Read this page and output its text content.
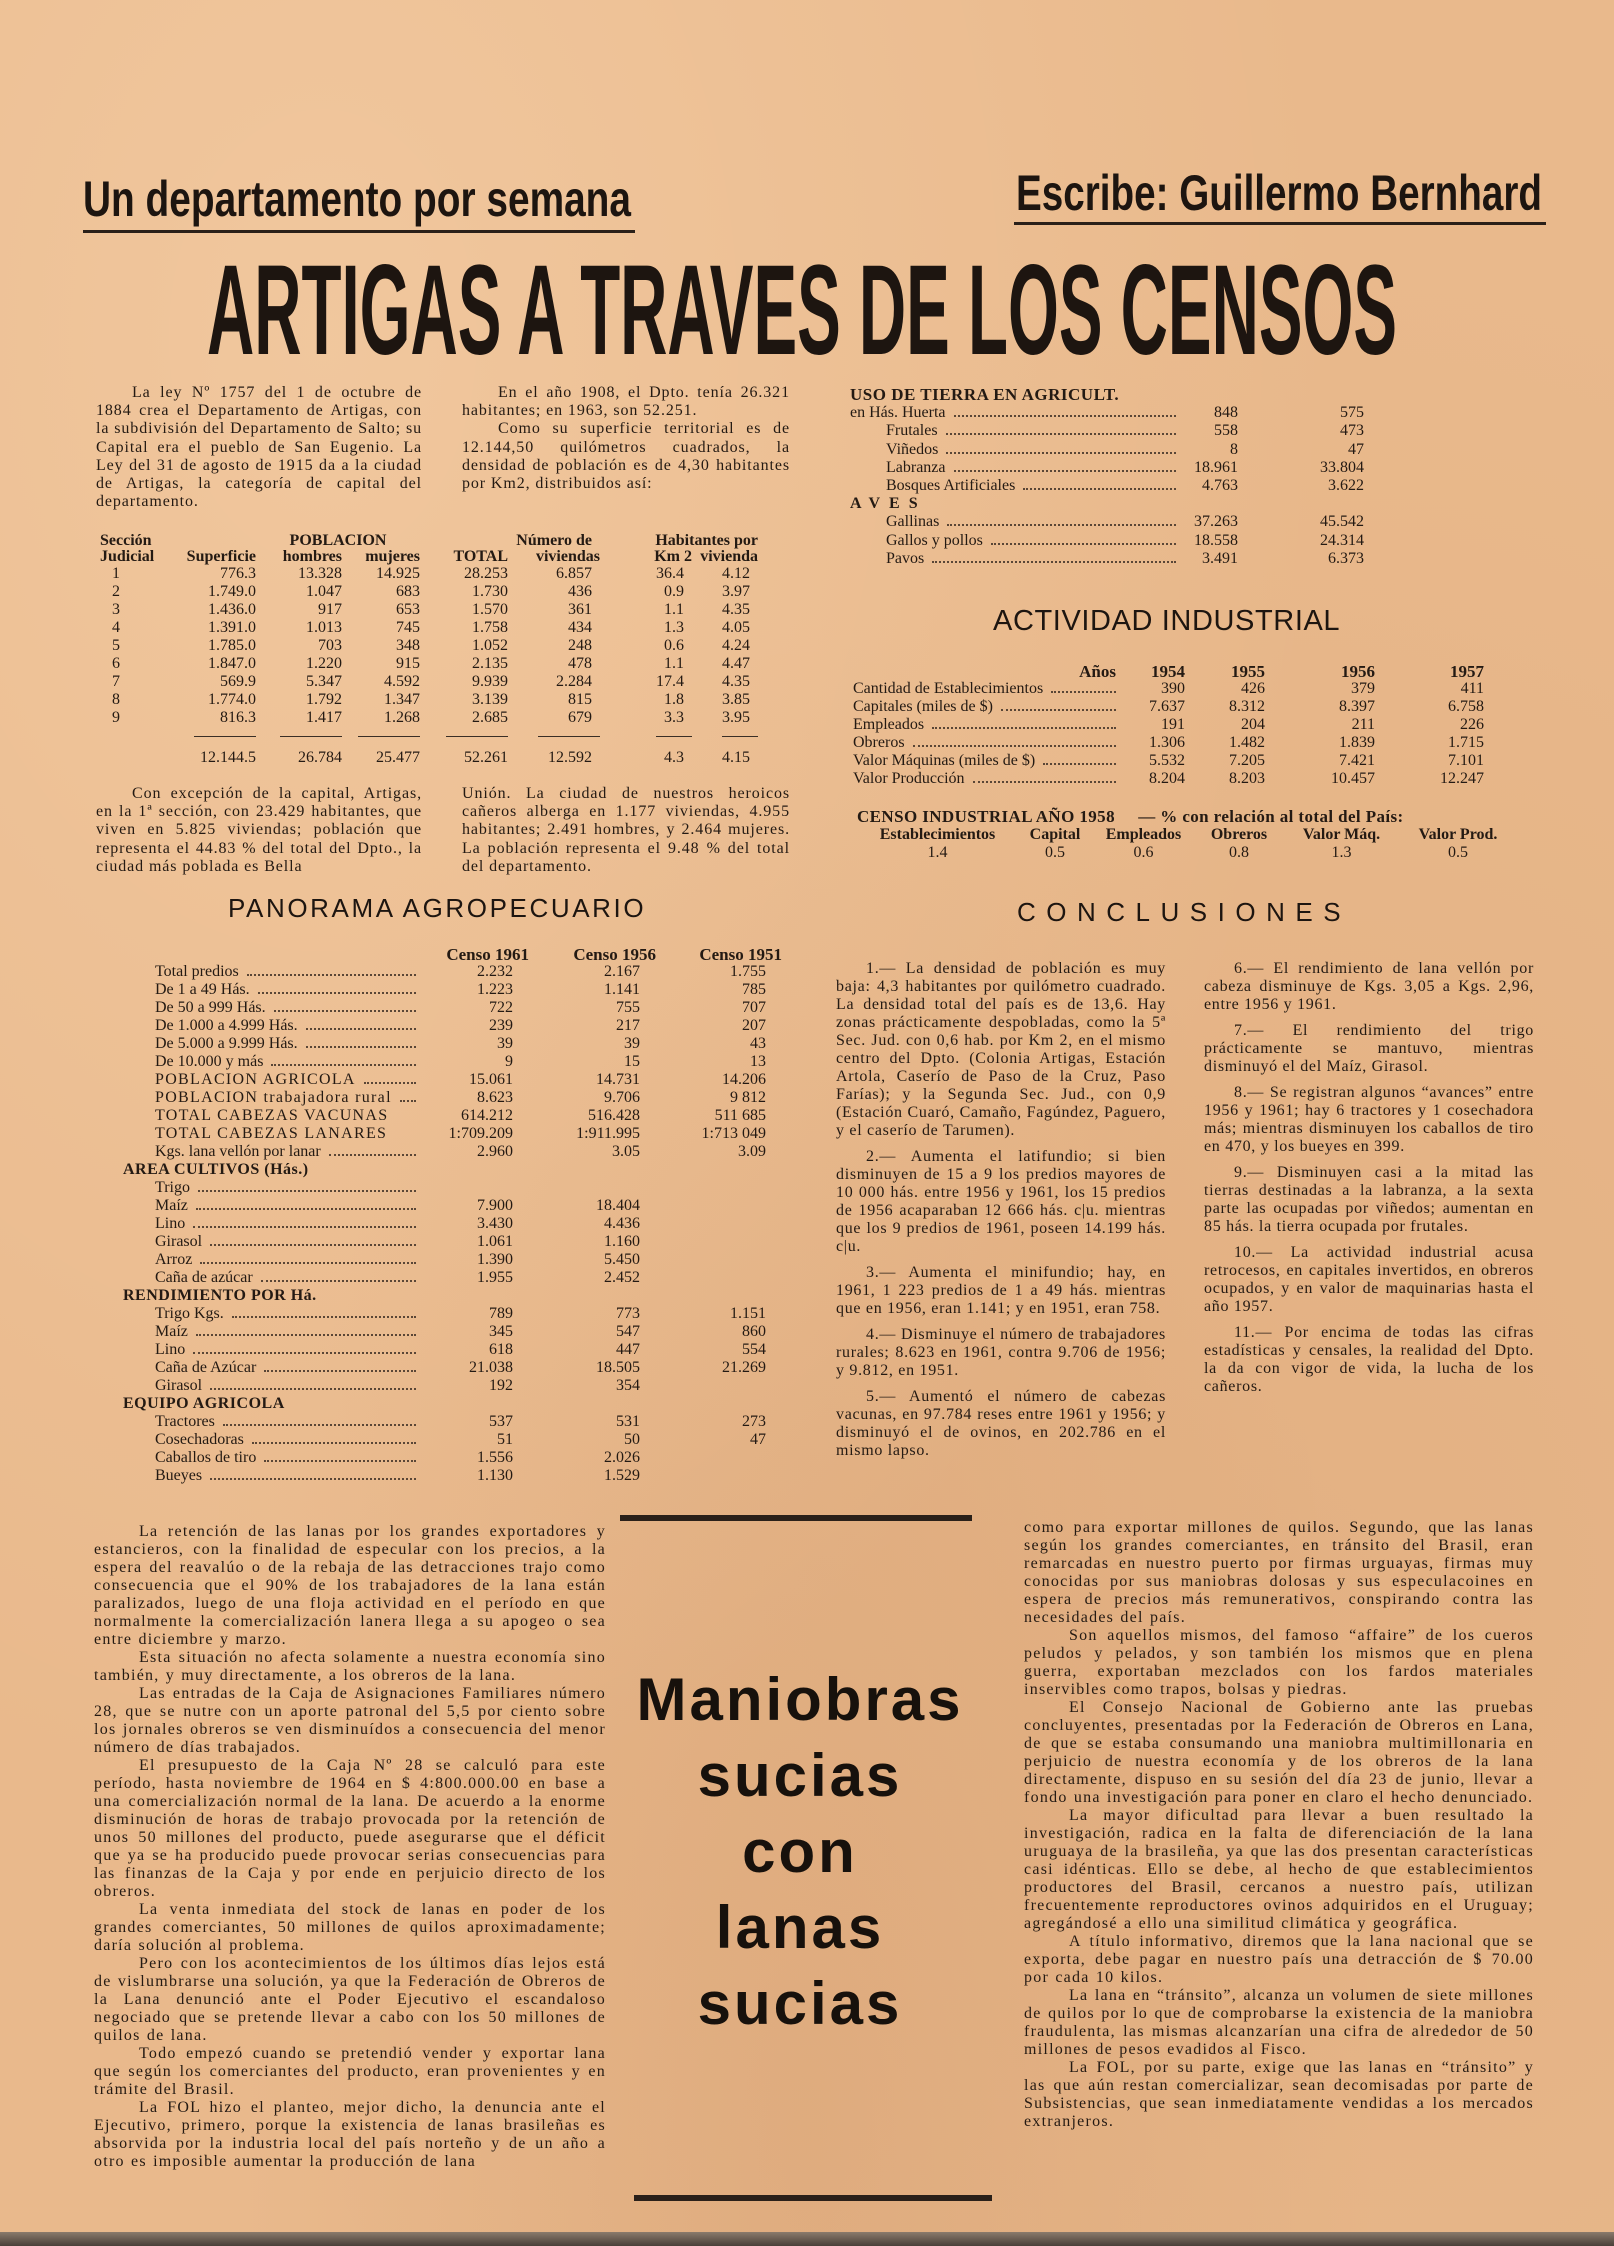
Un departamento por semana	Escribe: Guillermo Bernhard
ARTIGAS A TRAVES DE LOS CENSOS

La ley Nº 1757 del 1 de octubre de 1884 crea el Departamento de Artigas, con la subdivisión del Departamento de Salto; su Capital era el pueblo de San Eugenio. La Ley del 31 de agosto de 1915 da a la ciudad de Artigas, la categoría de capital del departamento.

En el año 1908, el Dpto. tenía 26.321 habitantes; en 1963, son 52.251.

Como su superficie territorial es de 12.144,50 quilómetros cuadrados, la densidad de población es de 4,30 habitantes por Km2, distribuidos así:

Sección		POBLACION			Número de	Habitantes por	
Judicial	Superficie	hombres	mujeres	TOTAL	viviendas	Km 2	vivienda
1	776.3	13.328	14.925	28.253	6.857	36.4	4.12
2	1.749.0	1.047	683	1.730	436	0.9	3.97
3	1.436.0	917	653	1.570	361	1.1	4.35
4	1.391.0	1.013	745	1.758	434	1.3	4.05
5	1.785.0	703	348	1.052	248	0.6	4.24
6	1.847.0	1.220	915	2.135	478	1.1	4.47
7	569.9	5.347	4.592	9.939	2.284	17.4	4.35
8	1.774.0	1.792	1.347	3.139	815	1.8	3.85
9	816.3	1.417	1.268	2.685	679	3.3	3.95

	12.144.5	26.784	25.477	52.261	12.592	4.3	4.15

Con excepción de la capital, Artigas, en la 1ª sección, con 23.429 habitantes, que viven en 5.825 viviendas; población que representa el 44.83 % del total del Dpto., la ciudad más poblada es Bella

Unión. La ciudad de nuestros heroicos cañeros alberga en 1.177 viviendas, 4.955 habitantes; 2.491 hombres, y 2.464 mujeres. La población representa el 9.48 % del total del departamento.

USO DE TIERRA EN AGRICULT.
en Hás. Huerta	848	575
Frutales	558	473
Viñedos	8	47
Labranza	18.961	33.804
Bosques Artificiales	4.763	3.622
AVES
Gallinas	37.263	45.542
Gallos y pollos	18.558	24.314
Pavos	3.491	6.373
ACTIVIDAD INDUSTRIAL
Años	1954	1955	1956	1957

Cantidad de Establecimientos	390	426	379	411

Capitales (miles de $)	7.637	8.312	8.397	6.758

Empleados	191	204	211	226

Obreros	1.306	1.482	1.839	1.715

Valor Máquinas (miles de $)	5.532	7.205	7.421	7.101

Valor Producción	8.204	8.203	10.457	12.247
CENSO INDUSTRIAL AÑO 1958 — % con relación al total del País:
Establecimientos	Capital	Empleados	Obreros	Valor Máq.	Valor Prod.
1.4	0.5	0.6	0.8	1.3	0.5
PANORAMA AGROPECUARIO
	Censo 1961	Censo 1956	Censo 1951

Total predios	2.232	2.167	1.755

De 1 a 49 Hás.	1.223	1.141	785

De 50 a 999 Hás.	722	755	707

De 1.000 a 4.999 Hás.	239	217	207

De 5.000 a 9.999 Hás.	39	39	43

De 10.000 y más	9	15	13

POBLACION AGRICOLA	15.061	14.731	14.206

POBLACION trabajadora rural	8.623	9.706	9 812

TOTAL CABEZAS VACUNAS	614.212	516.428	511 685

TOTAL CABEZAS LANARES	1:709.209	1:911.995	1:713 049

Kgs. lana vellón por lanar	2.960	3.05	3.09
AREA CULTIVOS (Hás.)

Trigo

Maíz	7.900	18.404	

Lino	3.430	4.436	

Girasol	1.061	1.160	

Arroz	1.390	5.450	

Caña de azúcar	1.955	2.452	
RENDIMIENTO POR Há.

Trigo Kgs.	789	773	1.151

Maíz	345	547	860

Lino	618	447	554

Caña de Azúcar	21.038	18.505	21.269

Girasol	192	354	
EQUIPO AGRICOLA

Tractores	537	531	273

Cosechadoras	51	50	47

Caballos de tiro	1.556	2.026	

Bueyes	1.130	1.529	
CONCLUSIONES

1.— La densidad de población es muy baja: 4,3 habitantes por quilómetro cuadrado. La densidad total del país es de 13,6. Hay zonas prácticamente despobladas, como la 5ª Sec. Jud. con 0,6 hab. por Km 2, en el mismo centro del Dpto. (Colonia Artigas, Estación Artola, Caserío de Paso de la Cruz, Paso Farías); y la Segunda Sec. Jud., con 0,9 (Estación Cuaró, Camaño, Fagúndez, Paguero, y el caserío de Tarumen).

2.— Aumenta el latifundio; si bien disminuyen de 15 a 9 los predios mayores de 10 000 hás. entre 1956 y 1961, los 15 predios de 1956 acaparaban 12 666 hás. c|u. mientras que los 9 predios de 1961, poseen 14.199 hás. c|u.

3.— Aumenta el minifundio; hay, en 1961, 1 223 predios de 1 a 49 hás. mientras que en 1956, eran 1.141; y en 1951, eran 758.

4.— Disminuye el número de trabajadores rurales; 8.623 en 1961, contra 9.706 de 1956; y 9.812, en 1951.

5.— Aumentó el número de cabezas vacunas, en 97.784 reses entre 1961 y 1956; y disminuyó el de ovinos, en 202.786 en el mismo lapso.

6.— El rendimiento de lana vellón por cabeza disminuye de Kgs. 3,05 a Kgs. 2,96, entre 1956 y 1961.

7.— El rendimiento del trigo prácticamente se mantuvo, mientras disminuyó el del Maíz, Girasol.

8.— Se registran algunos “avances” entre 1956 y 1961; hay 6 tractores y 1 cosechadora más; mientras disminuyen los caballos de tiro en 470, y los bueyes en 399.

9.— Disminuyen casi a la mitad las tierras destinadas a la labranza, a la sexta parte las ocupadas por viñedos; aumentan en 85 hás. la tierra ocupada por frutales.

10.— La actividad industrial acusa retrocesos, en capitales invertidos, en obreros ocupados, y en valor de maquinarias hasta el año 1957.

11.— Por encima de todas las cifras estadísticas y censales, la realidad del Dpto. la da con vigor de vida, la lucha de los cañeros.

La retención de las lanas por los grandes exportadores y estancieros, con la finalidad de especular con los precios, a la espera del reavalúo o de la rebaja de las detracciones trajo como consecuencia que el 90% de los trabajadores de la lana están paralizados, luego de una floja actividad en el período en que normalmente la comercialización lanera llega a su apogeo o sea entre diciembre y marzo.

Esta situación no afecta solamente a nuestra economía sino también, y muy directamente, a los obreros de la lana.

Las entradas de la Caja de Asignaciones Familiares número 28, que se nutre con un aporte patronal del 5,5 por ciento sobre los jornales obreros se ven disminuídos a consecuencia del menor número de días trabajados.

El presupuesto de la Caja Nº 28 se calculó para este período, hasta noviembre de 1964 en $ 4:800.000.00 en base a una comercialización normal de la lana. De acuerdo a la enorme disminución de horas de trabajo provocada por la retención de unos 50 millones del producto, puede asegurarse que el déficit que ya se ha producido puede provocar serias consecuencias para las finanzas de la Caja y por ende en perjuicio directo de los obreros.

La venta inmediata del stock de lanas en poder de los grandes comerciantes, 50 millones de quilos aproximadamente; daría solución al problema.

Pero con los acontecimientos de los últimos días lejos está de vislumbrarse una solución, ya que la Federación de Obreros de la Lana denunció ante el Poder Ejecutivo el escandaloso negociado que se pretende llevar a cabo con los 50 millones de quilos de lana.

Todo empezó cuando se pretendió vender y exportar lana que según los comerciantes del producto, eran provenientes y en trámite del Brasil.

La FOL hizo el planteo, mejor dicho, la denuncia ante el Ejecutivo, primero, porque la existencia de lanas brasileñas es absorvida por la industria local del país norteño y de un año a otro es imposible aumentar la producción de lana

Maniobras
sucias
con
lanas
sucias

como para exportar millones de quilos. Segundo, que las lanas según los grandes comerciantes, en tránsito del Brasil, eran remarcadas en nuestro puerto por firmas urguayas, firmas muy conocidas por sus maniobras dolosas y sus especulacoines en espera de precios más remunerativos, conspirando contra las necesidades del país.

Son aquellos mismos, del famoso “affaire” de los cueros peludos y pelados, y son también los mismos que en plena guerra, exportaban mezclados con los fardos materiales inservibles como trapos, bolsas y piedras.

El Consejo Nacional de Gobierno ante las pruebas concluyentes, presentadas por la Federación de Obreros en Lana, de que se estaba consumando una maniobra multimillonaria en perjuicio de nuestra economía y de los obreros de la lana directamente, dispuso en su sesión del día 23 de junio, llevar a fondo una investigación para poner en claro el hecho denunciado.

La mayor dificultad para llevar a buen resultado la investigación, radica en la falta de diferenciación de la lana uruguaya de la brasileña, ya que las dos presentan características casi idénticas. Ello se debe, al hecho de que establecimientos productores del Brasil, cercanos a nuestro país, utilizan frecuentemente reproductores ovinos adquiridos en el Uruguay; agregándosé a ello una similitud climática y geográfica.

A título informativo, diremos que la lana nacional que se exporta, debe pagar en nuestro país una detracción de $ 70.00 por cada 10 kilos.

La lana en “tránsito”, alcanza un volumen de siete millones de quilos por lo que de comprobarse la existencia de la maniobra fraudulenta, las mismas alcanzarían una cifra de alrededor de 50 millones de pesos evadidos al Fisco.

La FOL, por su parte, exige que las lanas en “tránsito” y las que aún restan comercializar, sean decomisadas por parte de Subsistencias, que sean inmediatamente vendidas a los mercados extranjeros.
